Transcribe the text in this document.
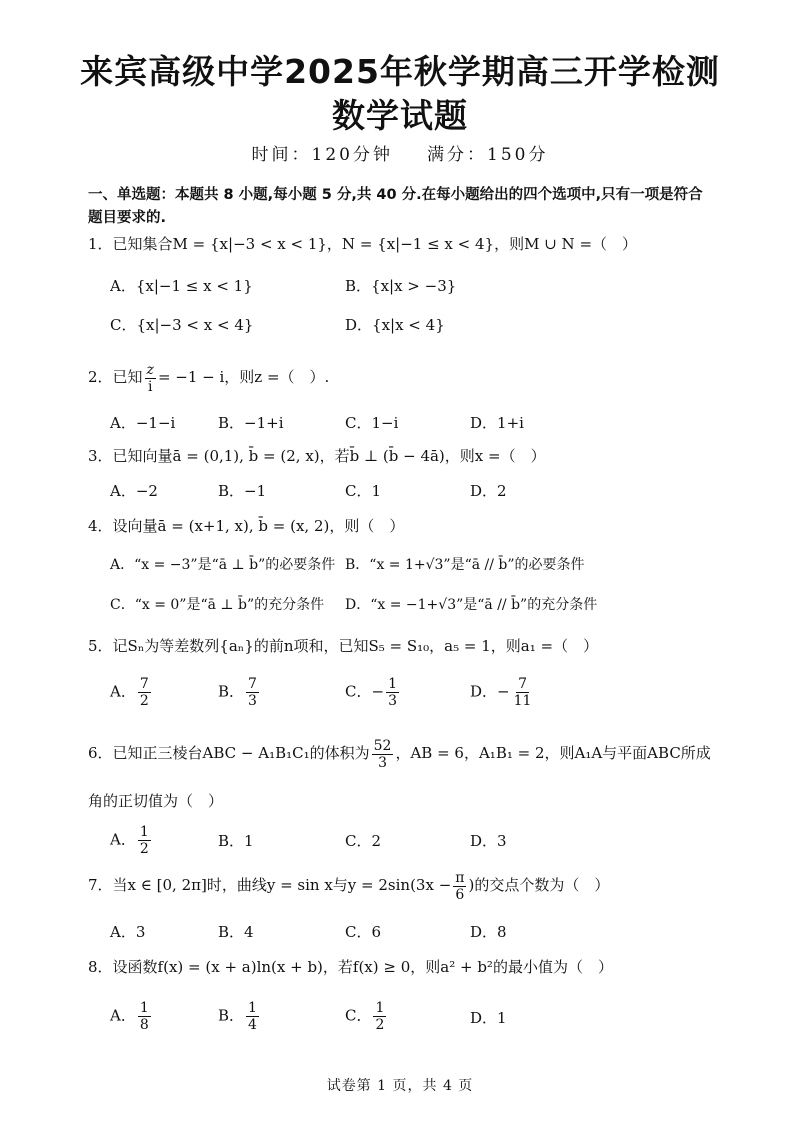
来宾高级中学2025年秋学期高三开学检测
数学试题
时间：120分钟 满分：150分
一、单选题：本题共 8 小题,每小题 5 分,共 40 分.在每小题给出的四个选项中,只有一项是符合题目要求的.
1．已知集合M = {x|−3 < x < 1}，N = {x|−1 ≤ x < 4}，则M ∪ N =（　）
A．{x|−1 ≤ x < 1}	B．{x|x > −3}
C．{x|−3 < x < 4}	D．{x|x < 4}
2．已知 $\frac{z}{i} = -1 - i$，则z =（　）.
A．−1−i	B．−1+i	C．1−i	D．1+i
3．已知向量ā = (0,1), b̄ = (2, x)，若b̄ ⊥ (b̄ − 4ā)，则x =（　）
A．−2	B．−1	C．1	D．2
4．设向量ā = (x+1, x), b̄ = (x, 2)，则（　）
A．“x = −3”是“ā ⊥ b̄”的必要条件 B．“x = 1+√3”是“ā // b̄”的必要条件
C．“x = 0”是“ā ⊥ b̄”的充分条件 D．“x = −1+√3”是“ā // b̄”的充分条件
5．记Sₙ为等差数列{aₙ}的前n项和，已知S₅ = S₁₀，a₅ = 1，则a₁ =（　）
A． $\frac{7}{2}$	B． $\frac{7}{3}$	C．− $\frac{1}{3}$	D．− $\frac{7}{11}$
6．已知正三棱台ABC − A₁B₁C₁的体积为 $\frac{52}{3}$ ，AB = 6，A₁B₁ = 2，则A₁A与平面ABC所成
角的正切值为（　）
A． $\frac{1}{2}$	B．1	C．2	D．3
7．当x ∈ [0, 2π]时，曲线y = sin x与$y = 2\sin(3x - \frac{\pi}{6}$ )的交点个数为（　）
A．3	B．4	C．6	D．8
8．设函数f(x) = (x + a)ln(x + b)，若f(x) ≥ 0，则a² + b²的最小值为（　）
A． $\frac{1}{8}$	B． $\frac{1}{4}$	C． $\frac{1}{2}$	D．1
试卷第 1 页，共 4 页
